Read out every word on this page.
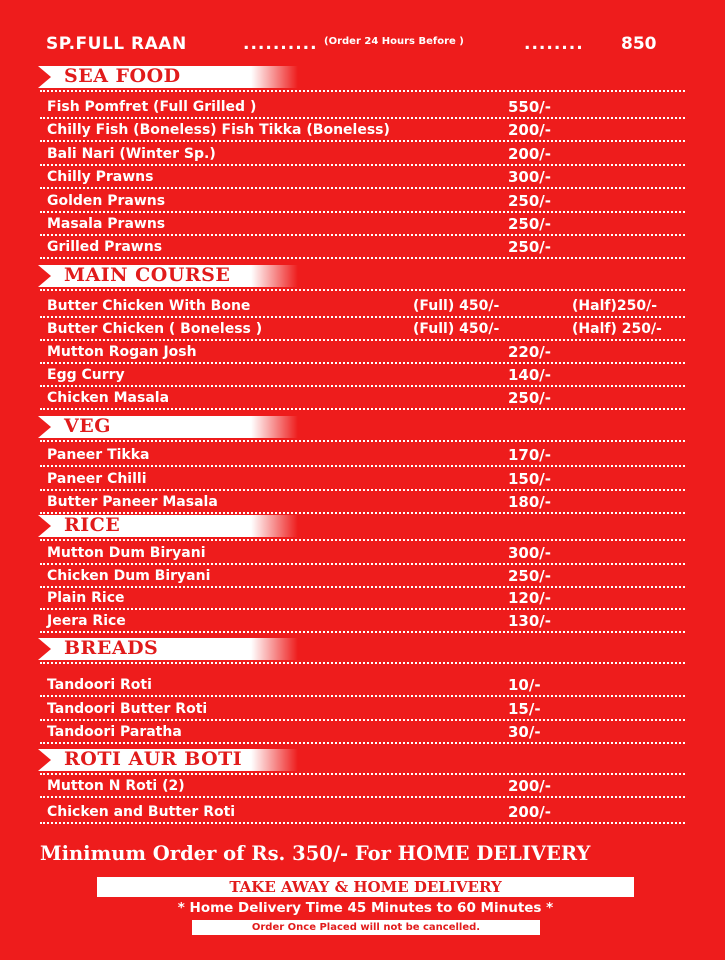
SP.FULL RAAN	.......... (Order 24 Hours Before )	........ 850
SEA FOOD
Fish Pomfret (Full Grilled )	550/-
Chilly Fish (Boneless) Fish Tikka (Boneless)	200/-
Bali Nari (Winter Sp.)	200/-
Chilly Prawns	300/-
Golden Prawns	250/-
Masala Prawns	250/-
Grilled Prawns	250/-
MAIN COURSE
Butter Chicken With Bone	(Full) 450/-	(Half)250/-
Butter Chicken ( Boneless )	(Full) 450/-	(Half) 250/-
Mutton Rogan Josh	220/-
Egg Curry	140/-
Chicken Masala	250/-
VEG
Paneer Tikka	170/-
Paneer Chilli	150/-
Butter Paneer Masala	180/-
RICE
Mutton Dum Biryani	300/-
Chicken Dum Biryani	250/-
Plain Rice	120/-
Jeera Rice	130/-
BREADS
Tandoori Roti	10/-
Tandoori Butter Roti	15/-
Tandoori Paratha	30/-
ROTI AUR BOTI
Mutton N Roti (2)	200/-
Chicken and Butter Roti	200/-
Minimum Order of Rs. 350/- For HOME DELIVERY
TAKE AWAY & HOME DELIVERY
* Home Delivery Time 45 Minutes to 60 Minutes *
Order Once Placed will not be cancelled.
